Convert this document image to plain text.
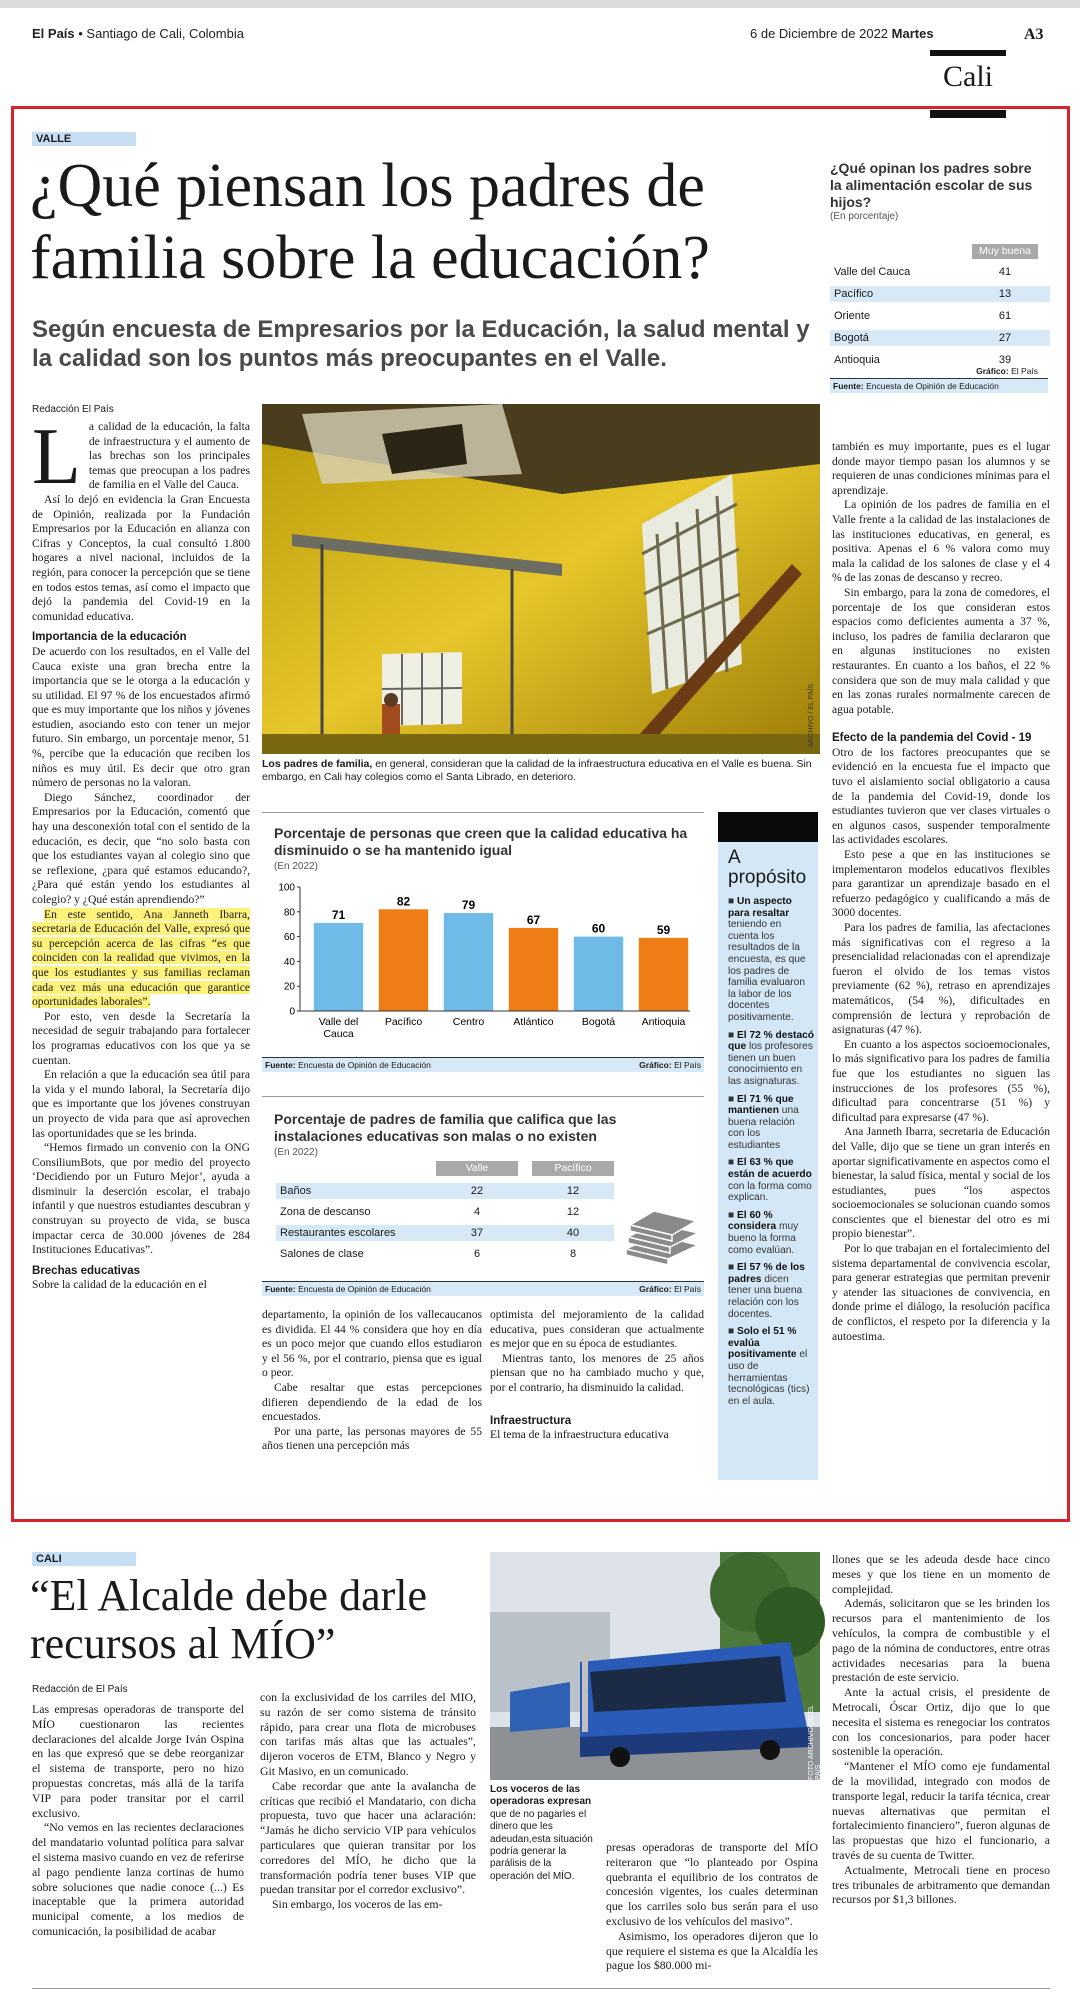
El País • Santiago de Cali, Colombia	6 de Diciembre de 2022 Martes
Cali
A3
VALLE
¿Qué piensan los padres de familia sobre la educación?
Según encuesta de Empresarios por la Educación, la salud mental y la calidad son los puntos más preocupantes en el Valle.
Redacción El País
¿Qué opinan los padres sobre la alimentación escolar de sus hijos?
(En porcentaje)
Muy buena
Valle del Cauca	41
Pacífico	13
Oriente	61
Bogotá	27
Antioquia	39
Gráfico: El País
Fuente: Encuesta de Opinión de Educación

La calidad de la educación, la falta de infraestructura y el aumento de las brechas son los principales temas que preocupan a los padres de familia en el Valle del Cauca.

Así lo dejó en evidencia la Gran Encuesta de Opinión, realizada por la Fundación Empresarios por la Educación en alianza con Cifras y Conceptos, la cual consultó 1.800 hogares a nivel nacional, incluidos de la región, para conocer la percepción que se tiene en todos estos temas, así como el impacto que dejó la pandemia del Covid-19 en la comunidad educativa.

Importancia de la educación

De acuerdo con los resultados, en el Valle del Cauca existe una gran brecha entre la importancia que se le otorga a la educación y su utilidad. El 97 % de los encuestados afirmó que es muy importante que los niños y jóvenes estudien, asociando esto con tener un mejor futuro. Sin embargo, un porcentaje menor, 51 %, percibe que la educación que reciben los niños es muy útil. Es decir que otro gran número de personas no la valoran.

Diego Sánchez, coordinador der Empresarios por la Educación, comentó que hay una desconexión total con el sentido de la educación, es decir, que “no solo basta con que los estudiantes vayan al colegio sino que se reflexione, ¿para qué estamos educando?, ¿Para qué están yendo los estudiantes al colegio? y ¿Qué están aprendiendo?”

En este sentido, Ana Janneth Ibarra, secretaria de Educación del Valle, expresó que su percepción acerca de las cifras “es que coinciden con la realidad que vivimos, en la que los estudiantes y sus familias reclaman cada vez más una educación que garantice oportunidades laborales”.

Por esto, ven desde la Secretaría la necesidad de seguir trabajando para fortalecer los programas educativos con los que ya se cuentan.

En relación a que la educación sea útil para la vida y el mundo laboral, la Secretaría dijo que es importante que los jóvenes construyan un proyecto de vida para que así aprovechen las oportunidades que se les brinda.

“Hemos firmado un convenio con la ONG ConsiliumBots, que por medio del proyecto ‘Decidiendo por un Futuro Mejor’, ayuda a disminuir la deserción escolar, el trabajo infantil y que nuestros estudiantes descubran y construyan su proyecto de vida, se busca impactar cerca de 30.000 jóvenes de 284 Instituciones Educativas”.

Brechas educativas

Sobre la calidad de la educación en el

ARCHIVO / EL PAÍS
Los padres de familia, en general, consideran que la calidad de la infraestructura educativa en el Valle es buena. Sin embargo, en Cali hay colegios como el Santa Librado, en deterioro.
Porcentaje de personas que creen que la calidad educativa ha disminuido o se ha mantenido igual
(En 2022)
100
80
60
40
20
0
71
Valle del Cauca
82
Pacífico
79
Centro
67
Atlántico
60
Bogotá
59
Antioquia
Fuente: Encuesta de Opinión de Educación	Gráfico: El País
Porcentaje de padres de familia que califica que las instalaciones educativas son malas o no existen
(En 2022)
Valle	Pacífico
Baños	22	12
Zona de descanso	4	12
Restaurantes escolares	37	40
Salones de clase	6	8
Fuente: Encuesta de Opinión de Educación	Gráfico: El País
A propósito
■ Un aspecto para resaltar teniendo en cuenta los resultados de la encuesta, es que los padres de familia evaluaron la labor de los docentes positivamente.
■ El 72 % destacó que los profesores tienen un buen conocimiento en las asignaturas.
■ El 71 % que mantienen una buena relación con los estudiantes
■ El 63 % que están de acuerdo con la forma como explican.
■ El 60 % considera muy bueno la forma como evalúan.
■ El 57 % de los padres dicen tener una buena relación con los docentes.
■ Solo el 51 % evalúa positivamente el uso de herramientas tecnológicas (tics) en el aula.

departamento, la opinión de los vallecaucanos es dividida. El 44 % considera que hoy en día es un poco mejor que cuando ellos estudiaron y el 56 %, por el contrario, piensa que es igual o peor.

Cabe resaltar que estas percepciones difieren dependiendo de la edad de los encuestados.

Por una parte, las personas mayores de 55 años tienen una percepción más

optimista del mejoramiento de la calidad educativa, pues consideran que actualmente es mejor que en su época de estudiantes.

Mientras tanto, los menores de 25 años piensan que no ha cambiado mucho y que, por el contrario, ha disminuido la calidad.

Infraestructura

El tema de la infraestructura educativa

también es muy importante, pues es el lugar donde mayor tiempo pasan los alumnos y se requieren de unas condiciones mínimas para el aprendizaje.

La opinión de los padres de familia en el Valle frente a la calidad de las instalaciones de las instituciones educativas, en general, es positiva. Apenas el 6 % valora como muy mala la calidad de los salones de clase y el 4 % de las zonas de descanso y recreo.

Sin embargo, para la zona de comedores, el porcentaje de los que consideran estos espacios como deficientes aumenta a 37 %, incluso, los padres de familia declararon que en algunas instituciones no existen restaurantes. En cuanto a los baños, el 22 % considera que son de muy mala calidad y que en las zonas rurales normalmente carecen de agua potable.

Efecto de la pandemia del Covid - 19

Otro de los factores preocupantes que se evidenció en la encuesta fue el impacto que tuvo el aislamiento social obligatorio a causa de la pandemia del Covid-19, donde los estudiantes tuvieron que ver clases virtuales o en algunos casos, suspender temporalmente las actividades escolares.

Esto pese a que en las instituciones se implementaron modelos educativos flexibles para garantizar un aprendizaje basado en el refuerzo pedagógico y cualificando a más de 3000 docentes.

Para los padres de familia, las afectaciones más significativas con el regreso a la presencialidad relacionadas con el aprendizaje fueron el olvido de los temas vistos previamente (62 %), retraso en aprendizajes matemáticos, (54 %), dificultades en comprensión de lectura y reprobación de asignaturas (47 %).

En cuanto a los aspectos socioemocionales, lo más significativo para los padres de familia fue que los estudiantes no siguen las instrucciones de los profesores (55 %), dificultad para concentrarse (51 %) y dificultad para expresarse (47 %).

Ana Janneth Ibarra, secretaria de Educación del Valle, dijo que se tiene un gran interés en aportar significativamente en aspectos como el bienestar, la salud física, mental y social de los estudiantes, pues “los aspectos socioemocionales se solucionan cuando somos conscientes que el bienestar del otro es mi propio bienestar”.

Por lo que trabajan en el fortalecimiento del sistema departamental de convivencia escolar, para generar estrategias que permitan prevenir y atender las situaciones de convivencia, en donde prime el diálogo, la resolución pacífica de conflictos, el respeto por la diferencia y la autoestima.

CALI
“El Alcalde debe darle recursos al MÍO”
Redacción de El País

Las empresas operadoras de transporte del MÍO cuestionaron las recientes declaraciones del alcalde Jorge Iván Ospina en las que expresó que se debe reorganizar el sistema de transporte, pero no hizo propuestas concretas, más allá de la tarifa VIP para poder transitar por el carril exclusivo.

“No vemos en las recientes declaraciones del mandatario voluntad política para salvar el sistema masivo cuando en vez de referirse al pago pendiente lanza cortinas de humo sobre soluciones que nadie conoce (...) Es inaceptable que la primera autoridad municipal comente, a los medios de comunicación, la posibilidad de acabar

con la exclusividad de los carriles del MIO, su razón de ser como sistema de tránsito rápido, para crear una flota de microbuses con tarifas más altas que las actuales”, dijeron voceros de ETM, Blanco y Negro y Git Masivo, en un comunicado.

Cabe recordar que ante la avalancha de críticas que recibió el Mandatario, con dicha propuesta, tuvo que hacer una aclaración: “Jamás he dicho servicio VIP para vehículos particulares que quieran transitar por los corredores del MÍO, he dicho que la transformación podría tener buses VIP que puedan transitar por el corredor exclusivo”.

Sin embargo, los voceros de las em-

FOTO ARCHIVO DE EL PAÍS
Los voceros de las operadoras expresan que de no pagarles el dinero que les adeudan,esta situación podría generar la parálisis de la operación del MÍO.

presas operadoras de transporte del MÍO reiteraron que “lo planteado por Ospina quebranta el equilibrio de los contratos de concesión vigentes, los cuales determinan que los carriles solo bus serán para el uso exclusivo de los vehículos del masivo”.

Asimismo, los operadores dijeron que lo que requiere el sistema es que la Alcaldía les pague los $80.000 mi-

llones que se les adeuda desde hace cinco meses y que los tiene en un momento de complejidad.

Además, solicitaron que se les brinden los recursos para el mantenimiento de los vehículos, la compra de combustible y el pago de la nómina de conductores, entre otras actividades necesarias para la buena prestación de este servicio.

Ante la actual crisis, el presidente de Metrocali, Óscar Ortiz, dijo que lo que necesita el sistema es renegociar los contratos con los concesionarios, para poder hacer sostenible la operación.

“Mantener el MÍO como eje fundamental de la movilidad, integrado con modos de transporte legal, reducir la tarifa técnica, crear nuevas alternativas que permitan el fortalecimiento financiero”, fueron algunas de las propuestas que hizo el funcionario, a través de su cuenta de Twitter.

Actualmente, Metrocali tiene en proceso tres tribunales de arbitramento que demandan recursos por $1,3 billones.
